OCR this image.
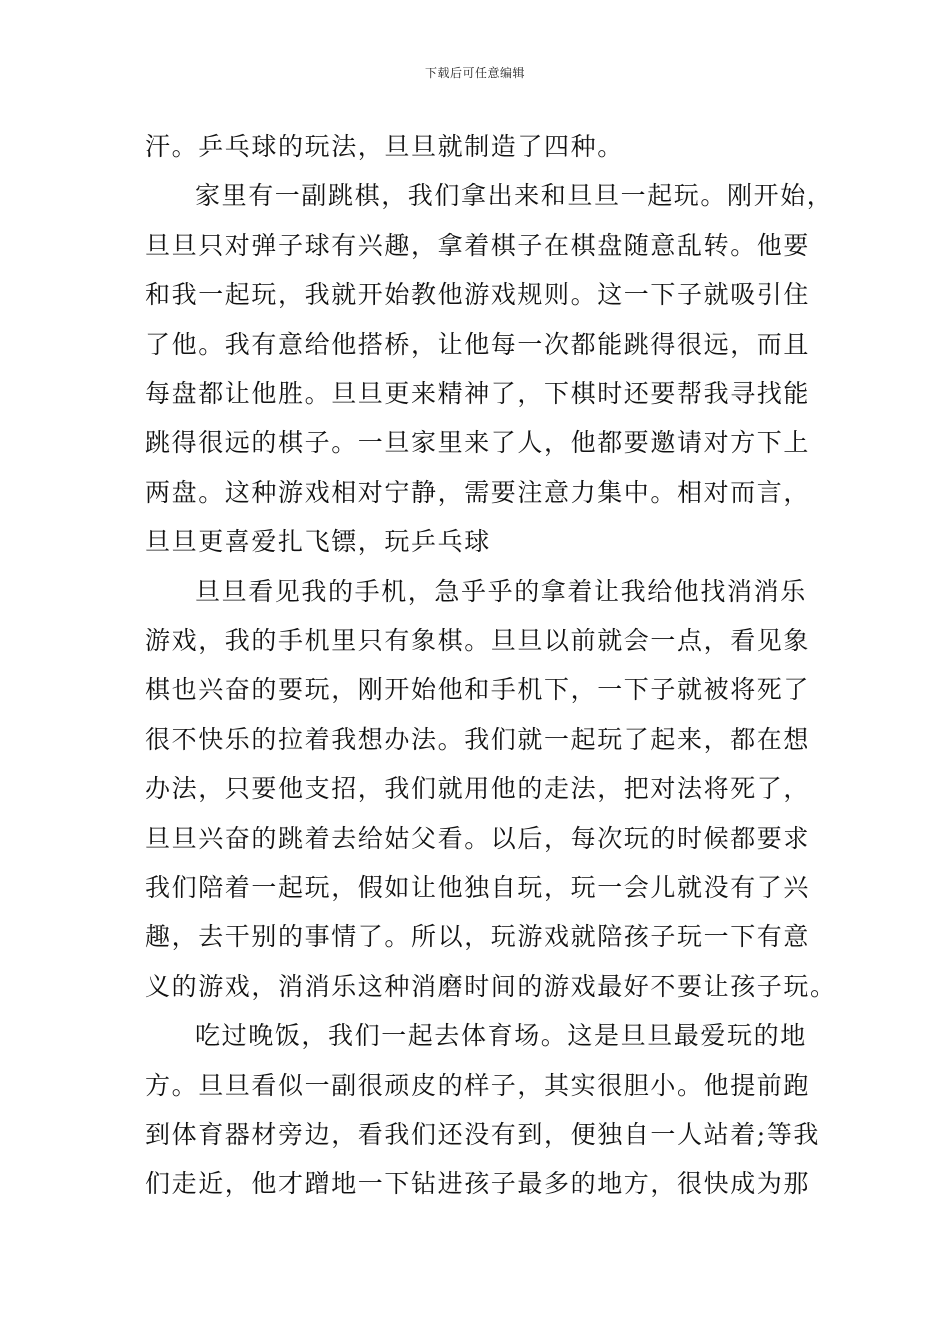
下载后可任意编辑
汗。乒乓球的玩法，旦旦就制造了四种。
家里有一副跳棋，我们拿出来和旦旦一起玩。刚开始，
旦旦只对弹子球有兴趣，拿着棋子在棋盘随意乱转。他要
和我一起玩，我就开始教他游戏规则。这一下子就吸引住
了他。我有意给他搭桥，让他每一次都能跳得很远，而且
每盘都让他胜。旦旦更来精神了，下棋时还要帮我寻找能
跳得很远的棋子。一旦家里来了人，他都要邀请对方下上
两盘。这种游戏相对宁静，需要注意力集中。相对而言，
旦旦更喜爱扎飞镖，玩乒乓球
旦旦看见我的手机，急乎乎的拿着让我给他找消消乐
游戏，我的手机里只有象棋。旦旦以前就会一点，看见象
棋也兴奋的要玩，刚开始他和手机下，一下子就被将死了
很不快乐的拉着我想办法。我们就一起玩了起来，都在想
办法，只要他支招，我们就用他的走法，把对法将死了，
旦旦兴奋的跳着去给姑父看。以后，每次玩的时候都要求
我们陪着一起玩，假如让他独自玩，玩一会儿就没有了兴
趣，去干别的事情了。所以，玩游戏就陪孩子玩一下有意
义的游戏，消消乐这种消磨时间的游戏最好不要让孩子玩。
吃过晚饭，我们一起去体育场。这是旦旦最爱玩的地
方。旦旦看似一副很顽皮的样子，其实很胆小。他提前跑
到体育器材旁边，看我们还没有到，便独自一人站着;等我
们走近，他才蹭地一下钻进孩子最多的地方，很快成为那
